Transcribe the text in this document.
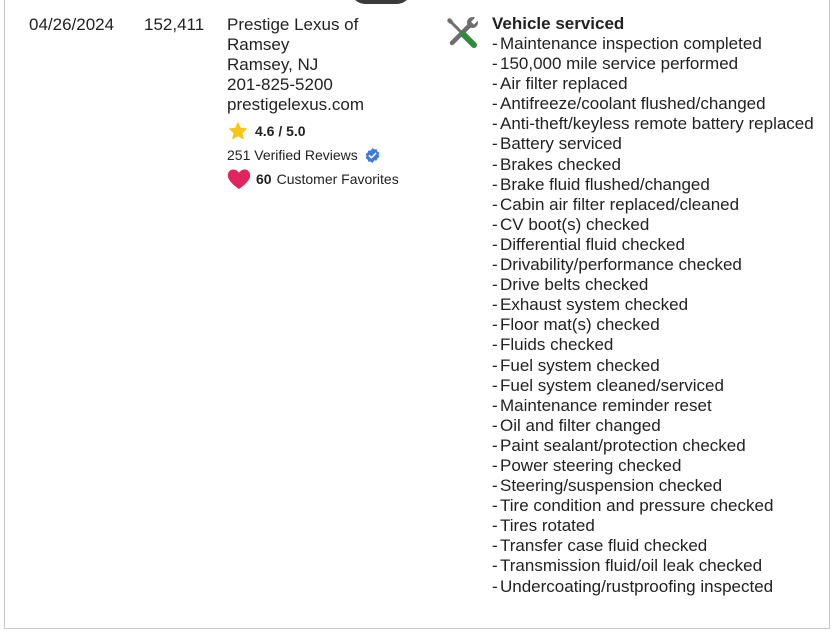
04/26/2024 152,411 Prestige Lexus of
Ramsey
Ramsey, NJ
201-825-5200
prestigelexus.com
4.6 / 5.0
251 Verified Reviews
60 Customer Favorites
Vehicle serviced
- Maintenance inspection completed
- 150,000 mile service performed
- Air filter replaced
- Antifreeze/coolant flushed/changed
- Anti-theft/keyless remote battery replaced
- Battery serviced
- Brakes checked
- Brake fluid flushed/changed
- Cabin air filter replaced/cleaned
- CV boot(s) checked
- Differential fluid checked
- Drivability/performance checked
- Drive belts checked
- Exhaust system checked
- Floor mat(s) checked
- Fluids checked
- Fuel system checked
- Fuel system cleaned/serviced
- Maintenance reminder reset
- Oil and filter changed
- Paint sealant/protection checked
- Power steering checked
- Steering/suspension checked
- Tire condition and pressure checked
- Tires rotated
- Transfer case fluid checked
- Transmission fluid/oil leak checked
- Undercoating/rustproofing inspected
